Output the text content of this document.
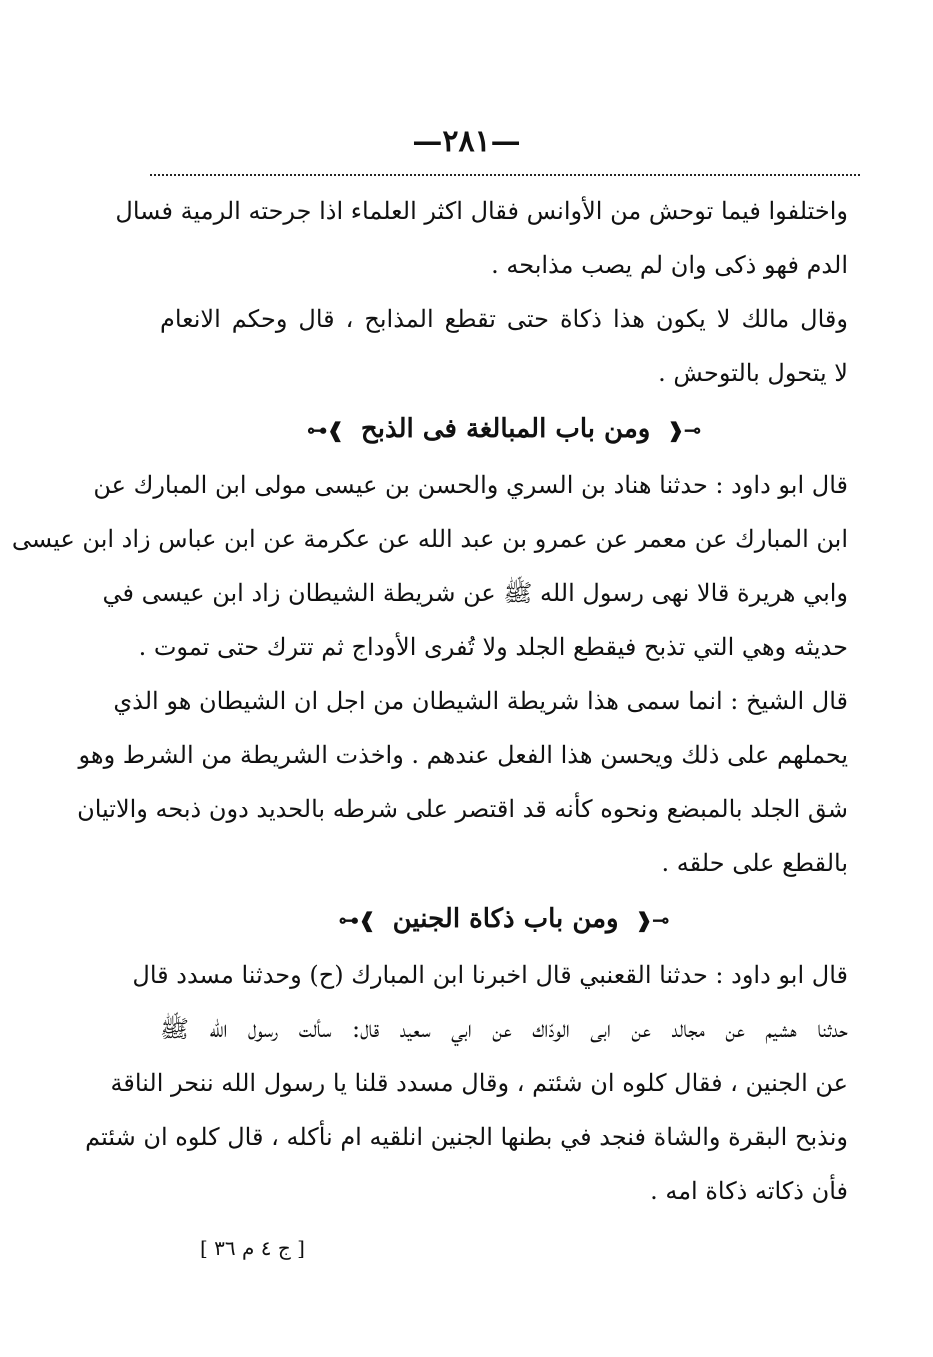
—٢٨١—
واختلفوا فيما توحش من الأوانس فقال اكثر العلماء اذا جرحته الرمية فسال
الدم فهو ذكى وان لم يصب مذابحه .
وقال مالك لا يكون هذا ذكاة حتى تقطع المذابح ، قال وحكم الانعام
لا يتحول بالتوحش .
⊸❰ ومن باب المبالغة فى الذبح ❱⊷
قال ابو داود : حدثنا هناد بن السري والحسن بن عيسى مولى ابن المبارك عن
ابن المبارك عن معمر عن عمرو بن عبد الله عن عكرمة عن ابن عباس زاد ابن عيسى
وابي هريرة قالا نهى رسول الله ﷺ عن شريطة الشيطان زاد ابن عيسى في
حديثه وهي التي تذبح فيقطع الجلد ولا تُفرى الأوداج ثم تترك حتى تموت .
قال الشيخ : انما سمى هذا شريطة الشيطان من اجل ان الشيطان هو الذي
يحملهم على ذلك ويحسن هذا الفعل عندهم . واخذت الشريطة من الشرط وهو
شق الجلد بالمبضع ونحوه كأنه قد اقتصر على شرطه بالحديد دون ذبحه والاتيان
بالقطع على حلقه .
⊸❰ ومن باب ذكاة الجنين ❱⊷
قال ابو داود : حدثنا القعنبي قال اخبرنا ابن المبارك (ح) وحدثنا مسدد قال
حدثنا هشيم عن مجالد عن ابى الودّاك عن ابي سعيد قال: سألت رسول الله ﷺ
عن الجنين ، فقال كلوه ان شئتم ، وقال مسدد قلنا يا رسول الله ننحر الناقة
ونذبح البقرة والشاة فنجد في بطنها الجنين انلقيه ام نأكله ، قال كلوه ان شئتم
فأن ذكاته ذكاة امه .
[ ج ٤ م ٣٦ ]
